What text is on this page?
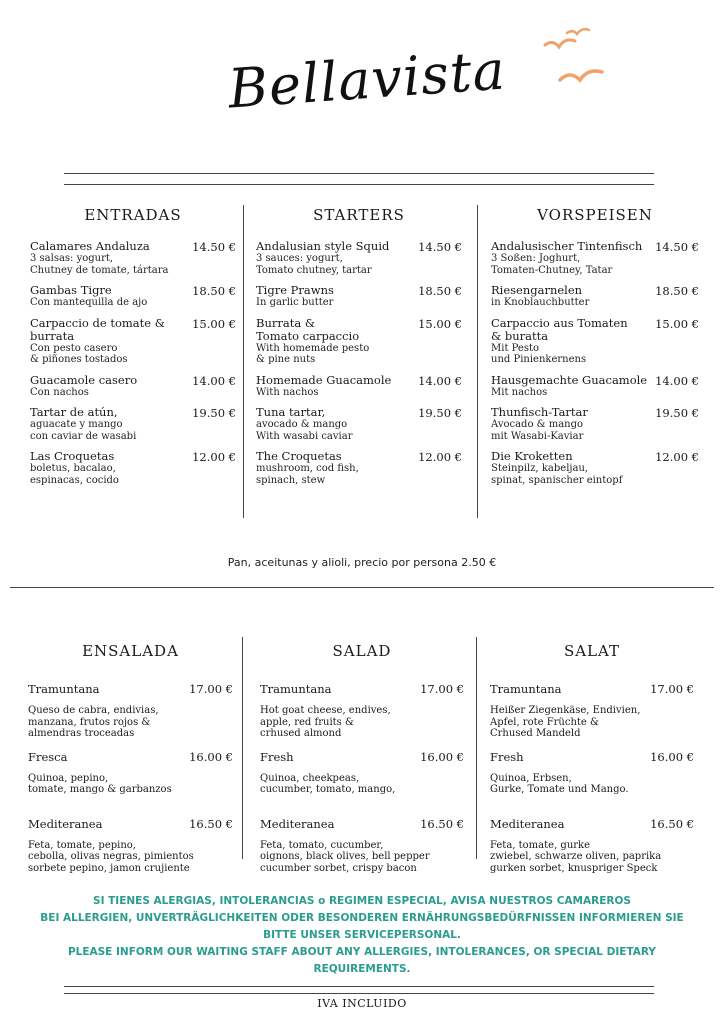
Bellavista
ENTRADAS
Calamares Andaluza
3 salsas: yogurt,
Chutney de tomate, tártara
14.50 €
Gambas Tigre
Con mantequilla de ajo
18.50 €
Carpaccio de tomate &
burrata
Con pesto casero
& piñones tostados
15.00 €
Guacamole casero
Con nachos
14.00 €
Tartar de atún,
aguacate y mango
con caviar de wasabi
19.50 €
Las Croquetas
boletus, bacalao,
espinacas, cocido
12.00 €
STARTERS
Andalusian style Squid
3 sauces: yogurt,
Tomato chutney, tartar
14.50 €
Tigre Prawns
In garlic butter
18.50 €
Burrata &
Tomato carpaccio
With homemade pesto
& pine nuts
15.00 €
Homemade Guacamole
With nachos
14.00 €
Tuna tartar,
avocado & mango
With wasabi caviar
19.50 €
The Croquetas
mushroom, cod fish,
spinach, stew
12.00 €
VORSPEISEN
Andalusischer Tintenfisch
3 Soßen: Joghurt,
Tomaten-Chutney, Tatar
14.50 €
Riesengarnelen
in Knoblauchbutter
18.50 €
Carpaccio aus Tomaten
& buratta
Mit Pesto
und Pinienkernens
15.00 €
Hausgemachte Guacamole
Mit nachos
14.00 €
Thunfisch-Tartar
Avocado & mango
mit Wasabi-Kaviar
19.50 €
Die Kroketten
Steinpilz, kabeljau,
spinat, spanischer eintopf
12.00 €
Pan, aceitunas y alioli, precio por persona 2.50 €
ENSALADA
Tramuntana	17.00 €
Queso de cabra, endivias,
manzana, frutos rojos &
almendras troceadas
Fresca	16.00 €
Quinoa, pepino,
tomate, mango & garbanzos
Mediteranea	16.50 €
Feta, tomate, pepino,
cebolla, olivas negras, pimientos
sorbete pepino, jamon crujiente
SALAD
Tramuntana	17.00 €
Hot goat cheese, endives,
apple, red fruits &
crhused almond
Fresh	16.00 €
Quinoa, cheekpeas,
cucumber, tomato, mango,
Mediteranea	16.50 €
Feta, tomato, cucumber,
oignons, black olives, bell pepper
cucumber sorbet, crispy bacon
SALAT
Tramuntana	17.00 €
Heißer Ziegenkäse, Endivien,
Apfel, rote Früchte &
Crhused Mandeld
Fresh	16.00 €
Quinoa, Erbsen,
Gurke, Tomate und Mango.
Mediteranea	16.50 €
Feta, tomate, gurke
zwiebel, schwarze oliven, paprika
gurken sorbet, knuspriger Speck
SI TIENES ALERGIAS, INTOLERANCIAS o REGIMEN ESPECIAL, AVISA NUESTROS CAMAREROS
BEI ALLERGIEN, UNVERTRÄGLICHKEITEN ODER BESONDEREN ERNÄHRUNGSBEDÜRFNISSEN INFORMIEREN SIE BITTE UNSER SERVICEPERSONAL.
PLEASE INFORM OUR WAITING STAFF ABOUT ANY ALLERGIES, INTOLERANCES, OR SPECIAL DIETARY REQUIREMENTS.
IVA INCLUIDO
